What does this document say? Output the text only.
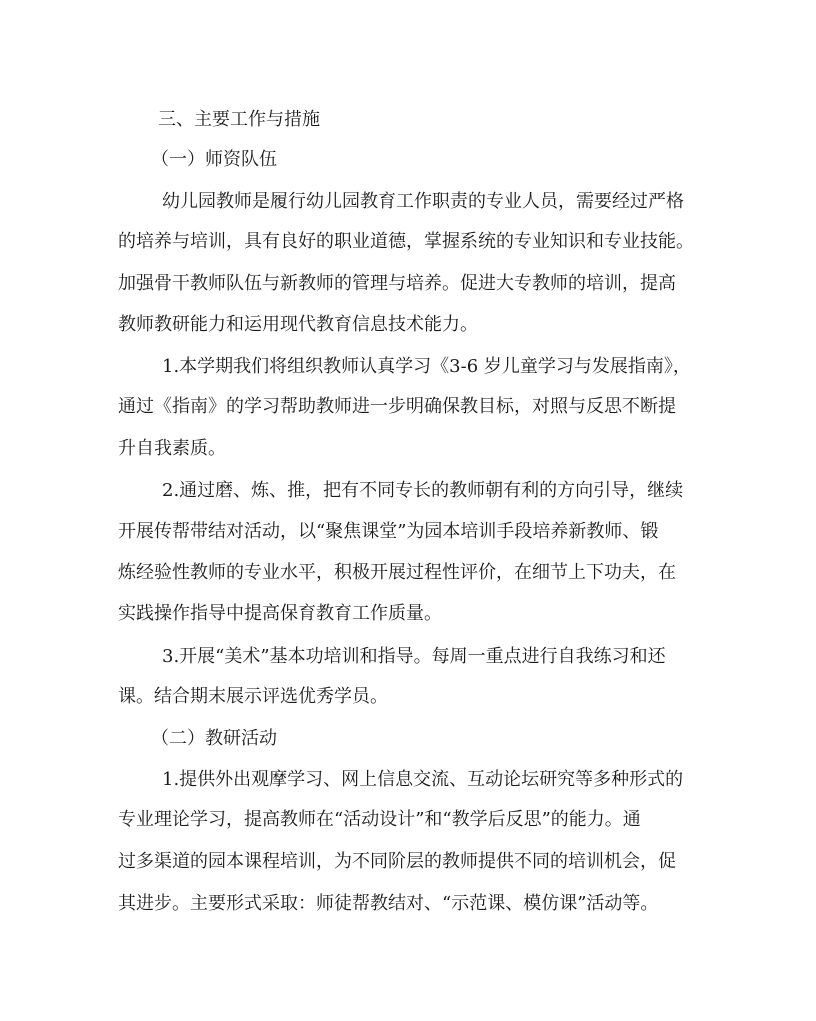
三、主要工作与措施
（一）师资队伍
幼儿园教师是履行幼儿园教育工作职责的专业人员，需要经过严格
的培养与培训，具有良好的职业道德，掌握系统的专业知识和专业技能。
加强骨干教师队伍与新教师的管理与培养。促进大专教师的培训，提高
教师教研能力和运用现代教育信息技术能力。
1.本学期我们将组织教师认真学习《3-6 岁儿童学习与发展指南》，
通过《指南》的学习帮助教师进一步明确保教目标，对照与反思不断提
升自我素质。
2.通过磨、炼、推，把有不同专长的教师朝有利的方向引导，继续
开展传帮带结对活动，以“聚焦课堂”为园本培训手段培养新教师、锻
炼经验性教师的专业水平，积极开展过程性评价，在细节上下功夫，在
实践操作指导中提高保育教育工作质量。
3.开展“美术”基本功培训和指导。每周一重点进行自我练习和还
课。结合期末展示评选优秀学员。
（二）教研活动
1.提供外出观摩学习、网上信息交流、互动论坛研究等多种形式的
专业理论学习，提高教师在“活动设计”和“教学后反思”的能力。通
过多渠道的园本课程培训，为不同阶层的教师提供不同的培训机会，促
其进步。主要形式采取：师徒帮教结对、“示范课、模仿课”活动等。
